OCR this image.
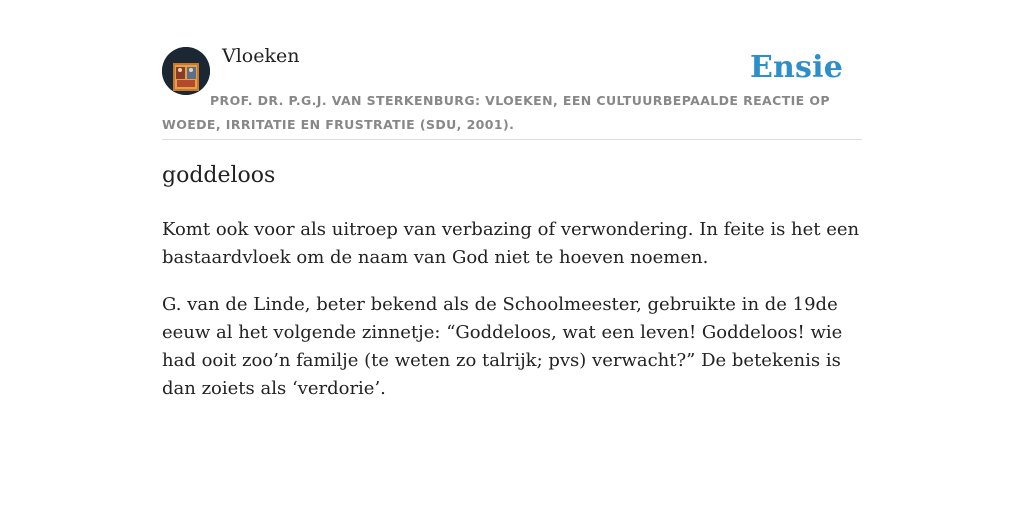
Vloeken	Ensie
PROF. DR. P.G.J. VAN STERKENBURG: VLOEKEN, EEN CULTUURBEPAALDE REACTIE OP WOEDE, IRRITATIE EN FRUSTRATIE (SDU, 2001).
goddeloos

Komt ook voor als uitroep van verbazing of verwondering. In feite is het een bastaardvloek om de naam van God niet te hoeven noemen.

G. van de Linde, beter bekend als de Schoolmeester, gebruikte in de 19de eeuw al het volgende zinnetje: “Goddeloos, wat een leven! Goddeloos! wie had ooit zoo’n familje (te weten zo talrijk; pvs) verwacht?” De betekenis is dan zoiets als ‘verdorie’.
